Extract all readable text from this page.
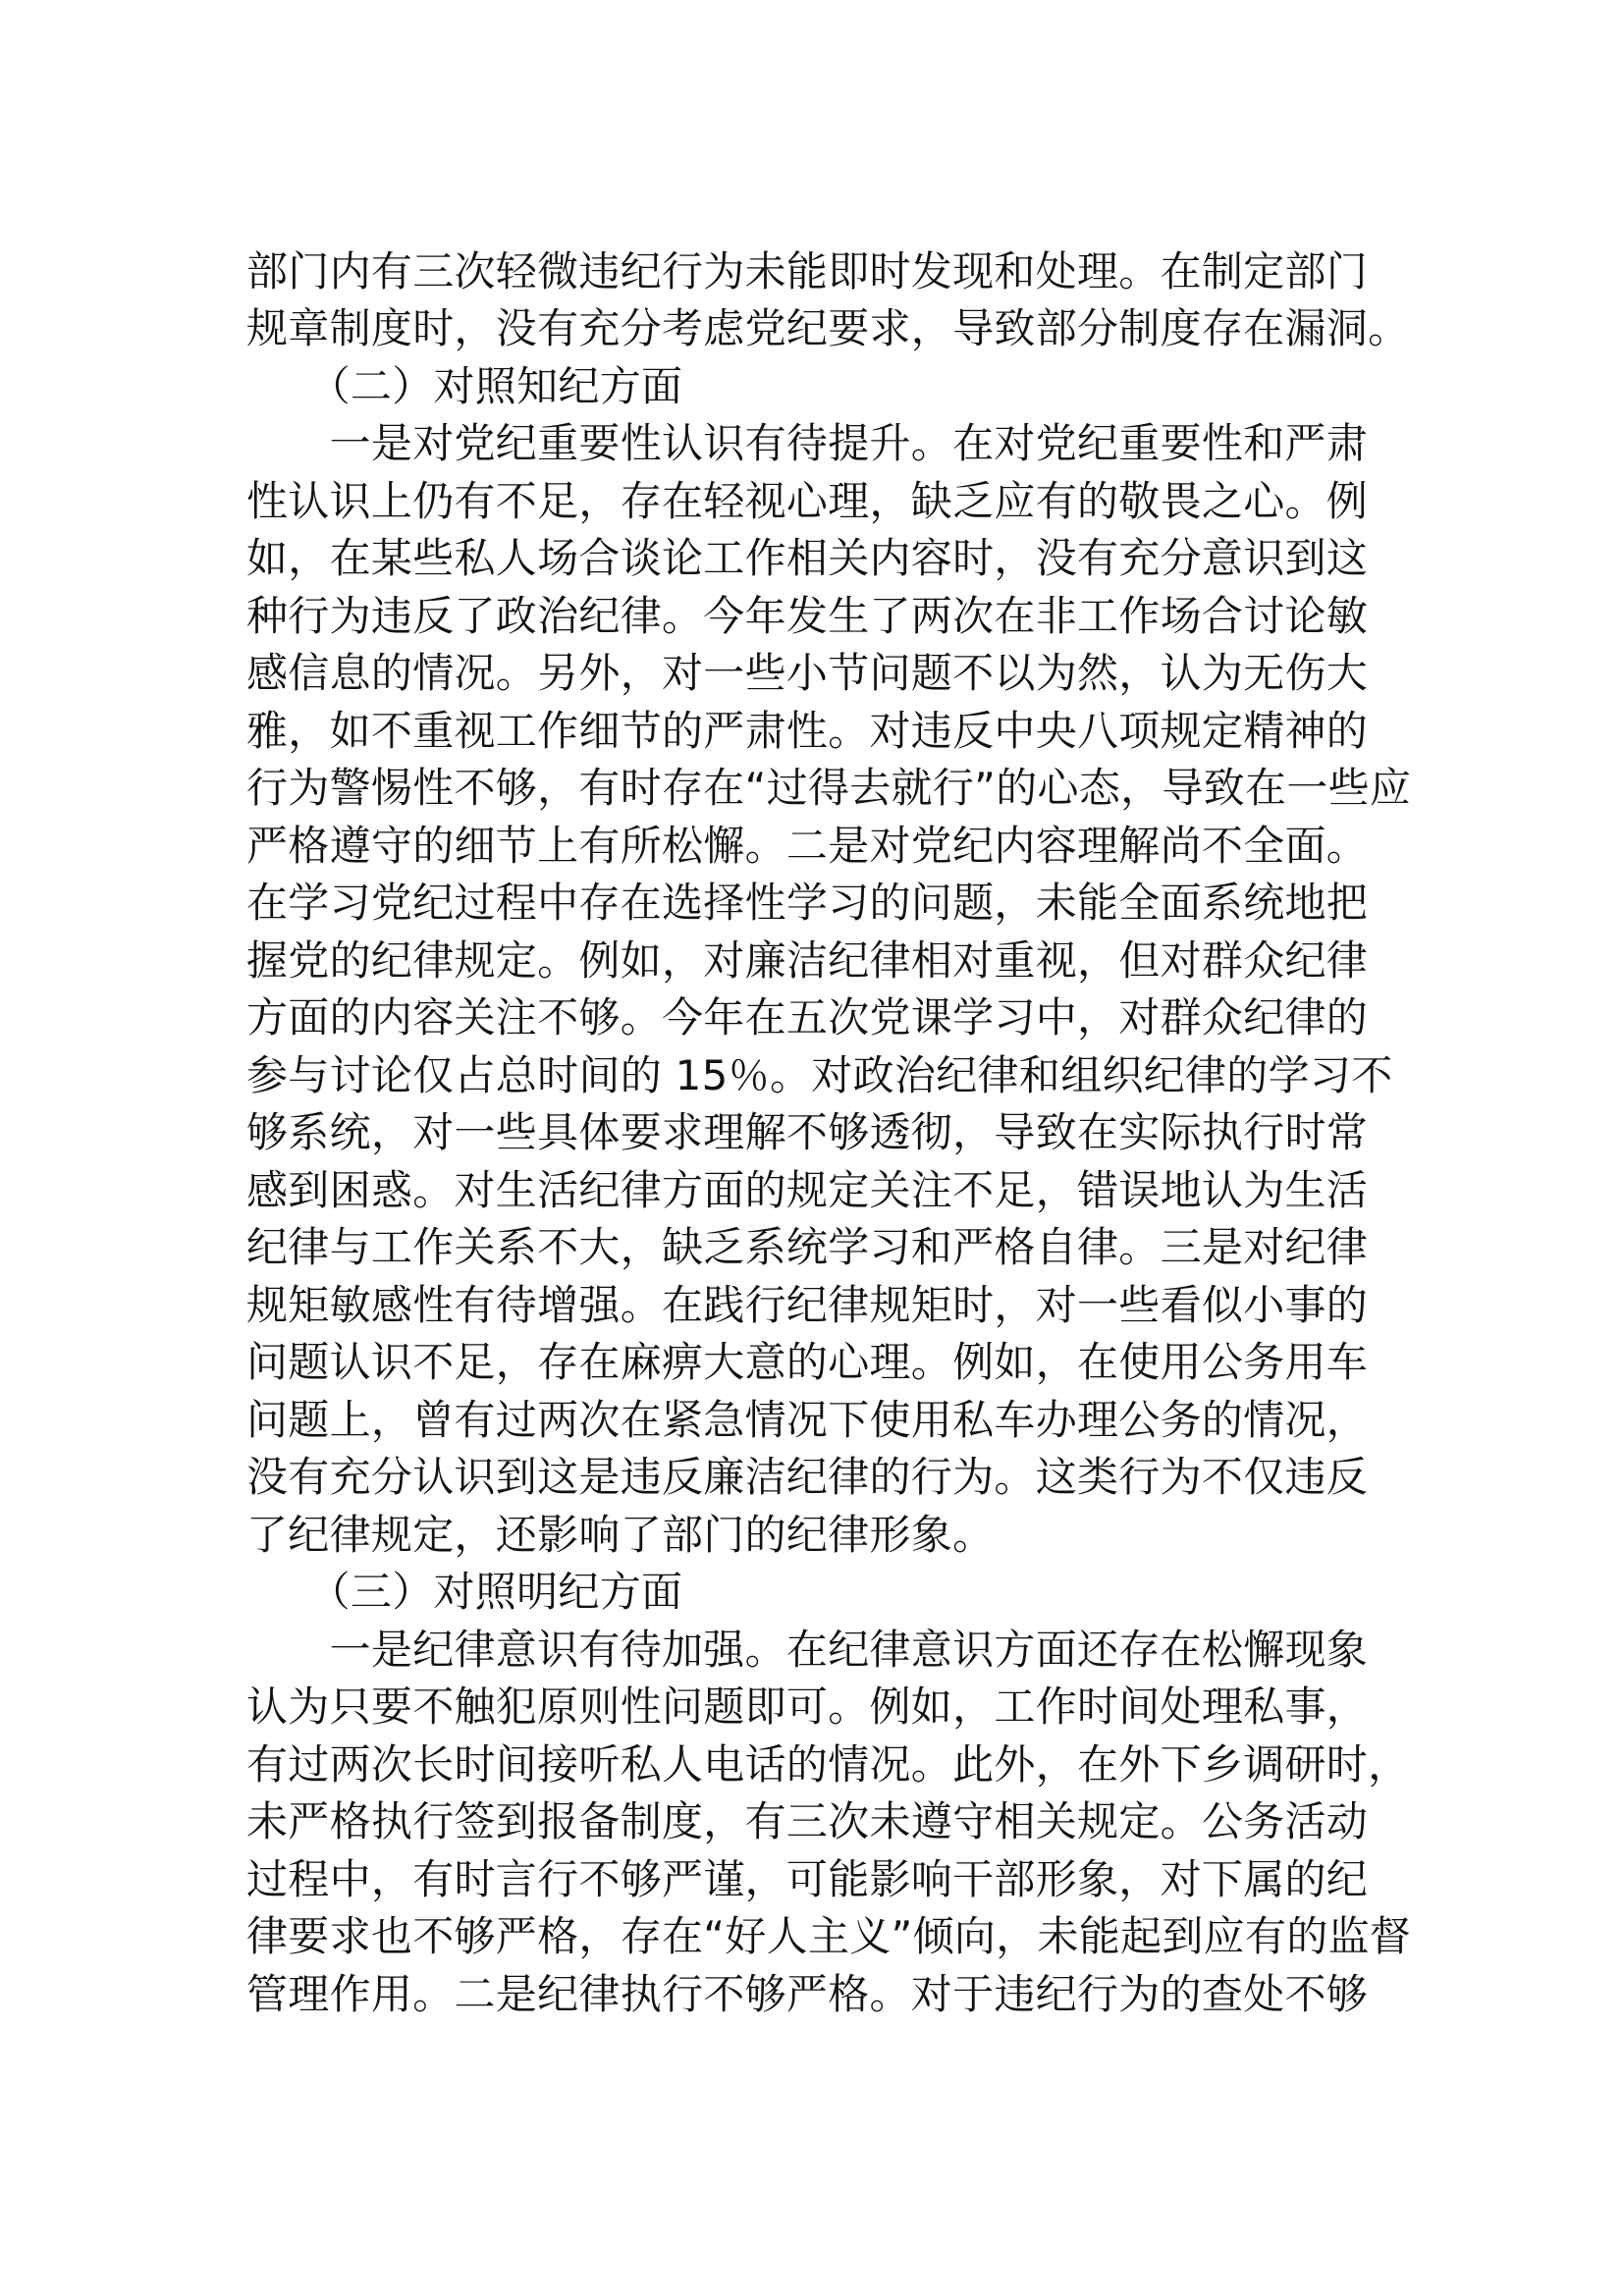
部门内有三次轻微违纪行为未能即时发现和处理。在制定部门
规章制度时，没有充分考虑党纪要求，导致部分制度存在漏洞。
　　（二）对照知纪方面
　　一是对党纪重要性认识有待提升。在对党纪重要性和严肃
性认识上仍有不足，存在轻视心理，缺乏应有的敬畏之心。例
如，在某些私人场合谈论工作相关内容时，没有充分意识到这
种行为违反了政治纪律。今年发生了两次在非工作场合讨论敏
感信息的情况。另外，对一些小节问题不以为然，认为无伤大
雅，如不重视工作细节的严肃性。对违反中央八项规定精神的
行为警惕性不够，有时存在“过得去就行”的心态，导致在一些应
严格遵守的细节上有所松懈。二是对党纪内容理解尚不全面。
在学习党纪过程中存在选择性学习的问题，未能全面系统地把
握党的纪律规定。例如，对廉洁纪律相对重视，但对群众纪律
方面的内容关注不够。今年在五次党课学习中，对群众纪律的
参与讨论仅占总时间的 15％。对政治纪律和组织纪律的学习不
够系统，对一些具体要求理解不够透彻，导致在实际执行时常
感到困惑。对生活纪律方面的规定关注不足，错误地认为生活
纪律与工作关系不大，缺乏系统学习和严格自律。三是对纪律
规矩敏感性有待增强。在践行纪律规矩时，对一些看似小事的
问题认识不足，存在麻痹大意的心理。例如，在使用公务用车
问题上，曾有过两次在紧急情况下使用私车办理公务的情况，
没有充分认识到这是违反廉洁纪律的行为。这类行为不仅违反
了纪律规定，还影响了部门的纪律形象。
　　（三）对照明纪方面
　　一是纪律意识有待加强。在纪律意识方面还存在松懈现象
认为只要不触犯原则性问题即可。例如，工作时间处理私事，
有过两次长时间接听私人电话的情况。此外，在外下乡调研时，
未严格执行签到报备制度，有三次未遵守相关规定。公务活动
过程中，有时言行不够严谨，可能影响干部形象，对下属的纪
律要求也不够严格，存在“好人主义”倾向，未能起到应有的监督
管理作用。二是纪律执行不够严格。对于违纪行为的查处不够
